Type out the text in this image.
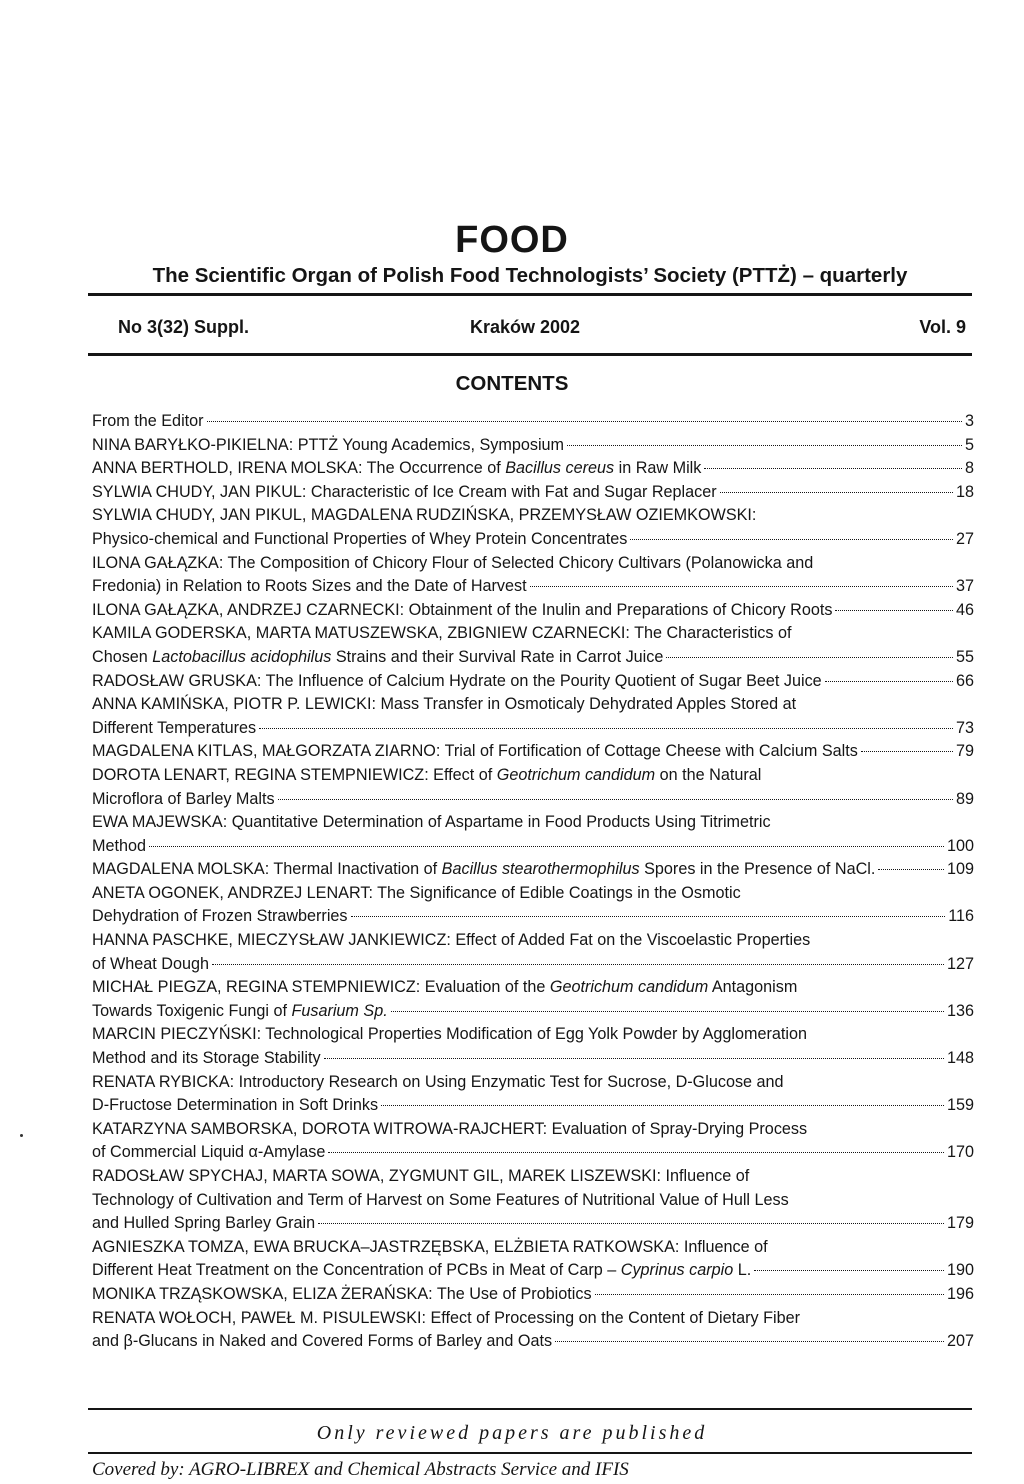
FOOD
The Scientific Organ of Polish Food Technologists’ Society (PTTŻ) – quarterly
No 3(32) Suppl.	Kraków 2002	Vol. 9
CONTENTS
From the Editor	3
NINA BARYŁKO-PIKIELNA: PTTŻ Young Academics, Symposium	5
ANNA BERTHOLD, IRENA MOLSKA: The Occurrence of Bacillus cereus in Raw Milk	8
SYLWIA CHUDY, JAN PIKUL: Characteristic of Ice Cream with Fat and Sugar Replacer	18
SYLWIA CHUDY, JAN PIKUL, MAGDALENA RUDZIŃSKA, PRZEMYSŁAW OZIEMKOWSKI:
Physico-chemical and Functional Properties of Whey Protein Concentrates	27
ILONA GAŁĄZKA: The Composition of Chicory Flour of Selected Chicory Cultivars (Polanowicka and
Fredonia) in Relation to Roots Sizes and the Date of Harvest	37
ILONA GAŁĄZKA, ANDRZEJ CZARNECKI: Obtainment of the Inulin and Preparations of Chicory Roots	46
KAMILA GODERSKA, MARTA MATUSZEWSKA, ZBIGNIEW CZARNECKI: The Characteristics of
Chosen Lactobacillus acidophilus Strains and their Survival Rate in Carrot Juice	55
RADOSŁAW GRUSKA: The Influence of Calcium Hydrate on the Pourity Quotient of Sugar Beet Juice	66
ANNA KAMIŃSKA, PIOTR P. LEWICKI: Mass Transfer in Osmoticaly Dehydrated Apples Stored at
Different Temperatures	73
MAGDALENA KITLAS, MAŁGORZATA ZIARNO: Trial of Fortification of Cottage Cheese with Calcium Salts	79
DOROTA LENART, REGINA STEMPNIEWICZ: Effect of Geotrichum candidum on the Natural
Microflora of Barley Malts	89
EWA MAJEWSKA: Quantitative Determination of Aspartame in Food Products Using Titrimetric
Method	100
MAGDALENA MOLSKA: Thermal Inactivation of Bacillus stearothermophilus Spores in the Presence of NaCl.	109
ANETA OGONEK, ANDRZEJ LENART: The Significance of Edible Coatings in the Osmotic
Dehydration of Frozen Strawberries	116
HANNA PASCHKE, MIECZYSŁAW JANKIEWICZ: Effect of Added Fat on the Viscoelastic Properties
of Wheat Dough	127
MICHAŁ PIEGZA, REGINA STEMPNIEWICZ: Evaluation of the Geotrichum candidum Antagonism
Towards Toxigenic Fungi of Fusarium Sp.	136
MARCIN PIECZYŃSKI: Technological Properties Modification of Egg Yolk Powder by Agglomeration
Method and its Storage Stability	148
RENATA RYBICKA: Introductory Research on Using Enzymatic Test for Sucrose, D-Glucose and
D-Fructose Determination in Soft Drinks	159
KATARZYNA SAMBORSKA, DOROTA WITROWA-RAJCHERT: Evaluation of Spray-Drying Process
of Commercial Liquid α-Amylase	170
RADOSŁAW SPYCHAJ, MARTA SOWA, ZYGMUNT GIL, MAREK LISZEWSKI: Influence of
Technology of Cultivation and Term of Harvest on Some Features of Nutritional Value of Hull Less
and Hulled Spring Barley Grain	179
AGNIESZKA TOMZA, EWA BRUCKA–JASTRZĘBSKA, ELŻBIETA RATKOWSKA: Influence of
Different Heat Treatment on the Concentration of PCBs in Meat of Carp – Cyprinus carpio L.	190
MONIKA TRZĄSKOWSKA, ELIZA ŻERAŃSKA: The Use of Probiotics	196
RENATA WOŁOCH, PAWEŁ M. PISULEWSKI: Effect of Processing on the Content of Dietary Fiber
and β-Glucans in Naked and Covered Forms of Barley and Oats	207
Only reviewed papers are published
Covered by: AGRO-LIBREX and Chemical Abstracts Service and IFIS
